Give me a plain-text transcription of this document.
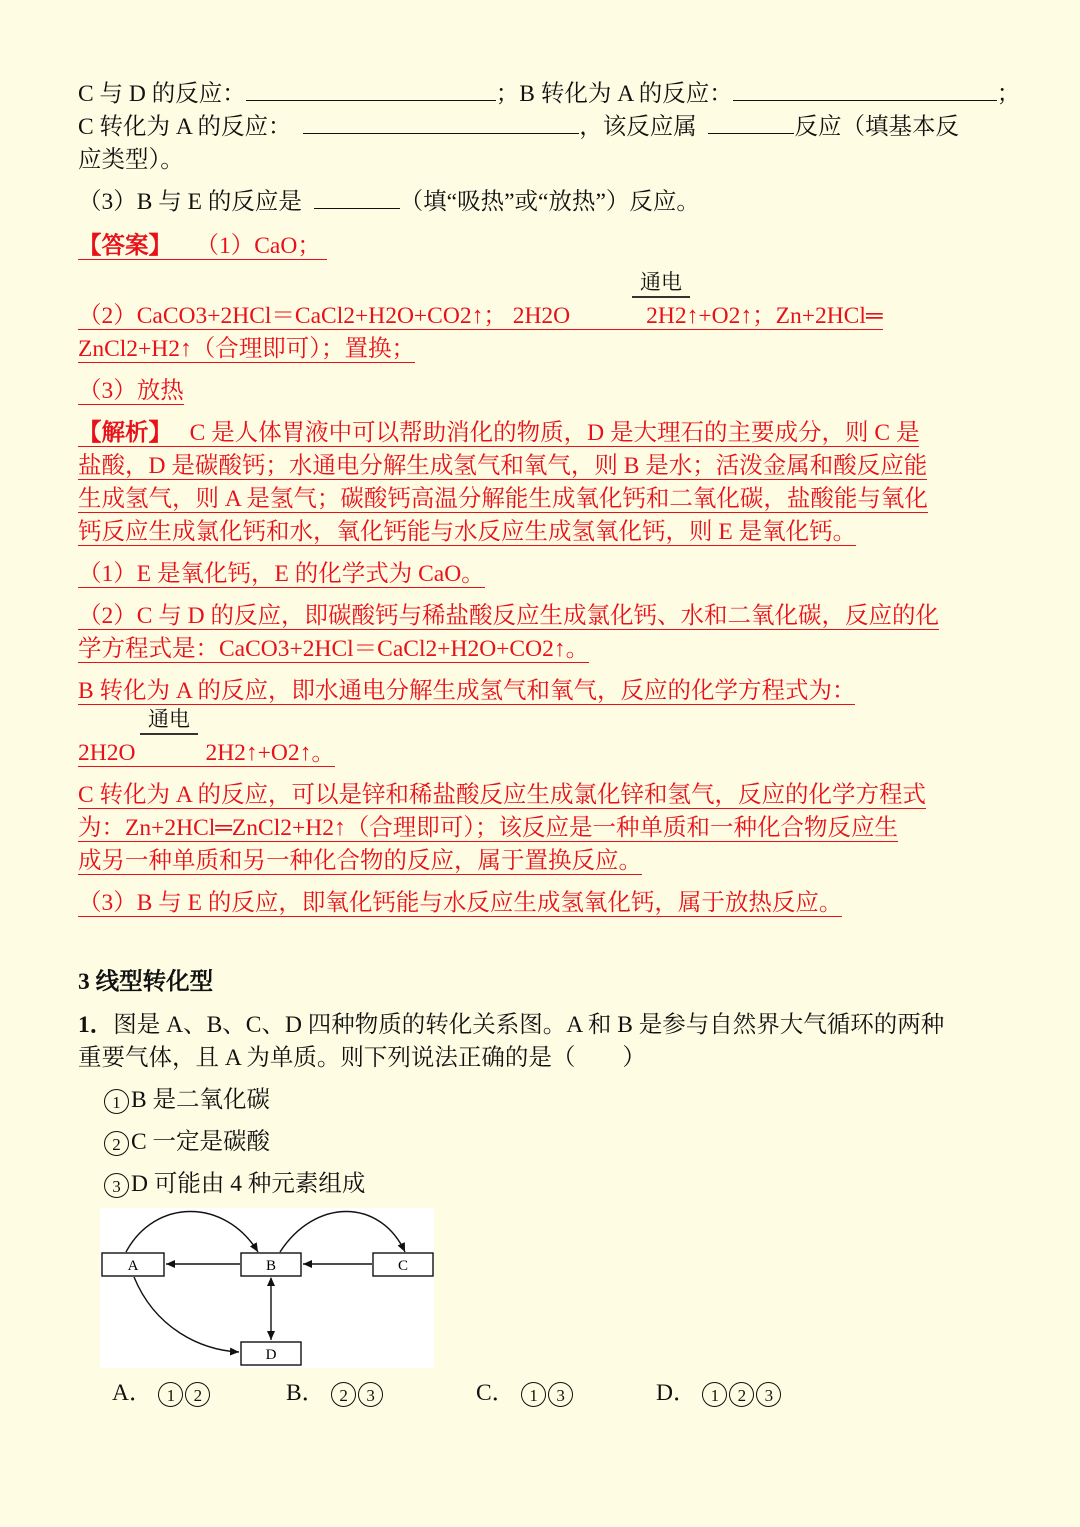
C 与 D 的反应：	；B 转化为 A 的反应：	；
C 转化为 A 的反应：	，该反应属	反应（填基本反
应类型）。
（3）B 与 E 的反应是	（填“吸热”或“放热”）反应。
【答案】 （1）CaO；
通电
（2）CaCO3+2HCl＝CaCl2+H2O+CO2↑； 2H2O	2H2↑+O2↑；Zn+2HCl═
ZnCl2+H2↑（合理即可）；置换；
（3）放热
【解析】 C 是人体胃液中可以帮助消化的物质，D 是大理石的主要成分，则 C 是
盐酸，D 是碳酸钙；水通电分解生成氢气和氧气，则 B 是水；活泼金属和酸反应能
生成氢气，则 A 是氢气；碳酸钙高温分解能生成氧化钙和二氧化碳，盐酸能与氧化
钙反应生成氯化钙和水，氧化钙能与水反应生成氢氧化钙，则 E 是氧化钙。
（1）E 是氧化钙，E 的化学式为 CaO。
（2）C 与 D 的反应，即碳酸钙与稀盐酸反应生成氯化钙、水和二氧化碳，反应的化
学方程式是：CaCO3+2HCl＝CaCl2+H2O+CO2↑。
B 转化为 A 的反应，即水通电分解生成氢气和氧气，反应的化学方程式为：
通电
2H2O	2H2↑+O2↑。
C 转化为 A 的反应，可以是锌和稀盐酸反应生成氯化锌和氢气，反应的化学方程式
为：Zn+2HCl═ZnCl2+H2↑（合理即可）；该反应是一种单质和一种化合物反应生
成另一种单质和另一种化合物的反应，属于置换反应。
（3）B 与 E 的反应，即氧化钙能与水反应生成氢氧化钙，属于放热反应。
3 线型转化型
1．图是 A、B、C、D 四种物质的转化关系图。A 和 B 是参与自然界大气循环的两种
重要气体，且 A 为单质。则下列说法正确的是（　　）
1 B 是二氧化碳
2 C 一定是碳酸
3 D 可能由 4 种元素组成
A	B	C
D
A． 1 2	B． 2 3	C． 1 3	D． 1 2 3
